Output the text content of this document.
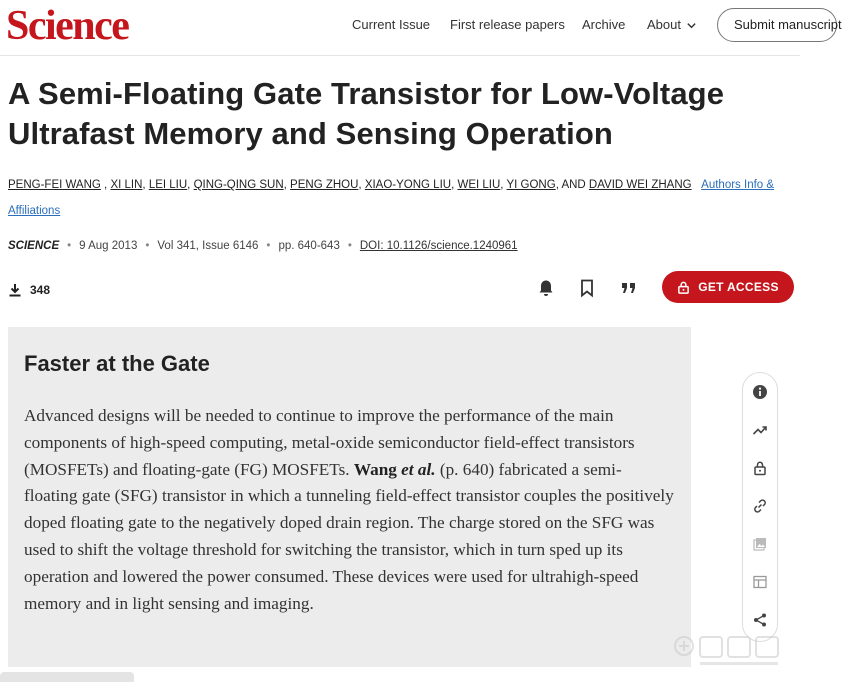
Science	Current Issue First release papers Archive About	Submit manuscript
A Semi-Floating Gate Transistor for Low-Voltage Ultrafast Memory and Sensing Operation
PENG-FEI WANG , XI LIN, LEI LIU, QING-QING SUN, PENG ZHOU, XIAO-YONG LIU, WEI LIU, YI GONG, AND DAVID WEI ZHANG Authors Info & Affiliations
SCIENCE • 9 Aug 2013 • Vol 341, Issue 6146 • pp. 640-643 • DOI: 10.1126/science.1240961
348	GET ACCESS
Faster at the Gate

Advanced designs will be needed to continue to improve the performance of the main components of high-speed computing, metal-oxide semiconductor field-effect transistors (MOSFETs) and floating-gate (FG) MOSFETs. Wang et al. (p. 640) fabricated a semi-floating gate (SFG) transistor in which a tunneling field-effect transistor couples the positively doped floating gate to the negatively doped drain region. The charge stored on the SFG was used to shift the voltage threshold for switching the transistor, which in turn sped up its operation and lowered the power consumed. These devices were used for ultrahigh-speed memory and in light sensing and imaging.
